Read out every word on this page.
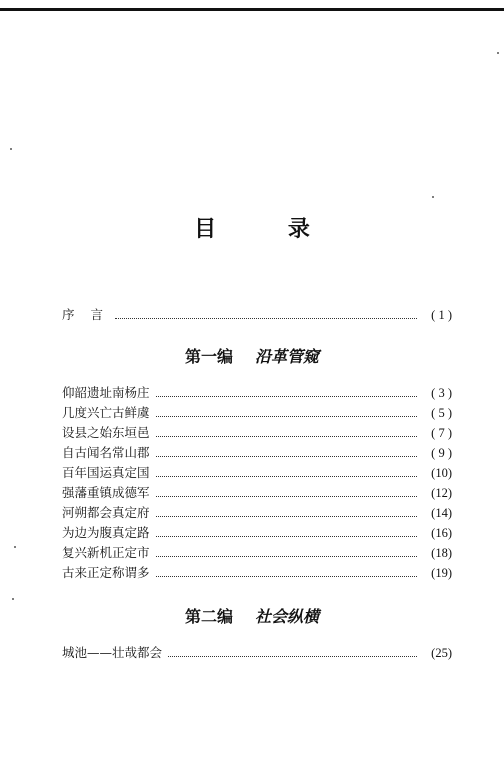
目 录
序 言	( 1 )
第一编 沿革管窥
仰韶遗址南杨庄	( 3 )
几度兴亡古鲜虞	( 5 )
设县之始东垣邑	( 7 )
自古闻名常山郡	( 9 )
百年国运真定国	(10)
强藩重镇成德军	(12)
河朔都会真定府	(14)
为边为腹真定路	(16)
复兴新机正定市	(18)
古来正定称谓多	(19)
第二编 社会纵横
城池——壮哉都会	(25)
